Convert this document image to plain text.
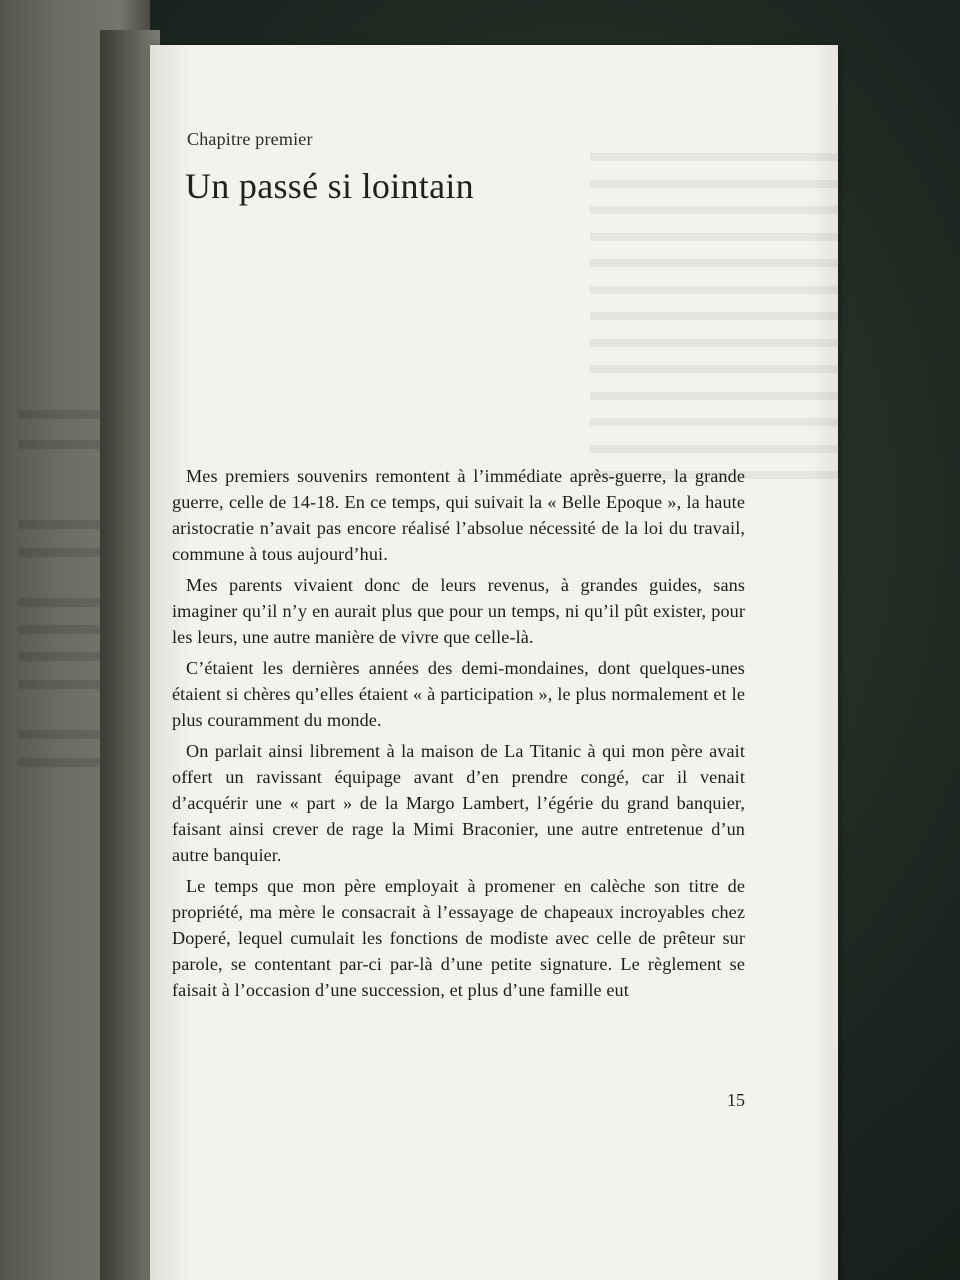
Chapitre premier
Un passé si lointain

Mes premiers souvenirs remontent à l’immédiate après-guerre, la grande guerre, celle de 14-18. En ce temps, qui suivait la « Belle Epoque », la haute aristocratie n’avait pas encore réalisé l’absolue nécessité de la loi du travail, commune à tous aujourd’hui.

Mes parents vivaient donc de leurs revenus, à grandes guides, sans imaginer qu’il n’y en aurait plus que pour un temps, ni qu’il pût exister, pour les leurs, une autre manière de vivre que celle-là.

C’étaient les dernières années des demi-mondaines, dont quelques-unes étaient si chères qu’elles étaient « à participation », le plus normalement et le plus couramment du monde.

On parlait ainsi librement à la maison de La Titanic à qui mon père avait offert un ravissant équipage avant d’en prendre congé, car il venait d’acquérir une « part » de la Margo Lambert, l’égérie du grand banquier, faisant ainsi crever de rage la Mimi Braconier, une autre entretenue d’un autre banquier.

Le temps que mon père employait à promener en calèche son titre de propriété, ma mère le consacrait à l’essayage de chapeaux incroyables chez Doperé, lequel cumulait les fonctions de modiste avec celle de prêteur sur parole, se contentant par-ci par-là d’une petite signature. Le règlement se faisait à l’occasion d’une succession, et plus d’une famille eut

15
